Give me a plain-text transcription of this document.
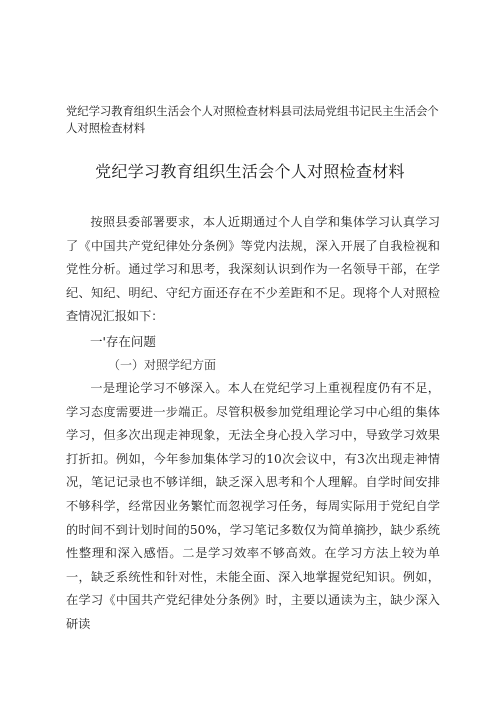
党纪学习教育组织生活会个人对照检查材料县司法局党组书记民主生活会个人对照检查材料
党纪学习教育组织生活会个人对照检查材料

按照县委部署要求，本人近期通过个人自学和集体学习认真学习了《中国共产党纪律处分条例》等党内法规，深入开展了自我检视和党性分析。通过学习和思考，我深刻认识到作为一名领导干部，在学纪、知纪、明纪、守纪方面还存在不少差距和不足。现将个人对照检查情况汇报如下：

一'存在问题
（一）对照学纪方面

一是理论学习不够深入。本人在党纪学习上重视程度仍有不足，学习态度需要进一步端正。尽管积极参加党组理论学习中心组的集体学习，但多次出现走神现象，无法全身心投入学习中，导致学习效果打折扣。例如，今年参加集体学习的10次会议中，有3次出现走神情况，笔记记录也不够详细，缺乏深入思考和个人理解。自学时间安排不够科学，经常因业务繁忙而忽视学习任务，每周实际用于党纪自学的时间不到计划时间的50%，学习笔记多数仅为简单摘抄，缺少系统性整理和深入感悟。二是学习效率不够高效。在学习方法上较为单一，缺乏系统性和针对性，未能全面、深入地掌握党纪知识。例如，在学习《中国共产党纪律处分条例》时，主要以通读为主，缺少深入研读
